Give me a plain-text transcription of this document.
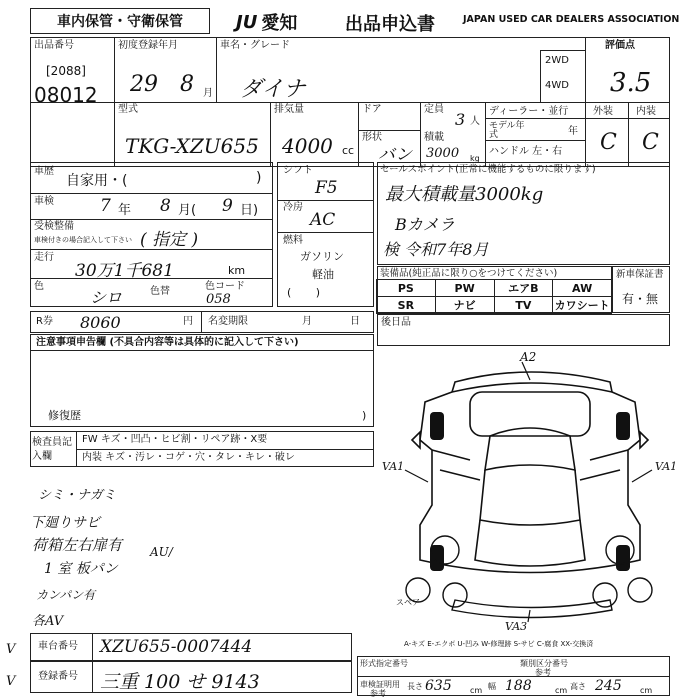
車内保管・守衛保管	JU 愛知	出品申込書	JAPAN USED CAR DEALERS ASSOCIATION
出品番号
[2088]
08012
初度登録年月
29 8 月
車名・グレード
ダイナ
2WD
4WD
評価点
3.5
型式
TKG-XZU655
排気量
4000 cc
ドア
形状
バン
定員
3 人
積載
3000 kg
ディーラー・並行
モデル年式	年
ハンドル 左・右
外装 内装
C C
車歴
自家用・(	)
車検	7 年 8 月( 9 日)
受検整備
車検付きの場合記入して下さい ( 指定 )
走行
30万1千681	km
色
シロ	色替	色コード
058
シフト
F5
冷房
AC
燃料
ガソリン
軽油
(       )
R券 8060	円 名変期限	月	日
注意事項申告欄 (不具合内容等は具体的に記入して下さい)
修復歴	)
セールスポイント(正常に機能するものに限ります)
最大積載量3000kg
Bカメラ
検 令和7年8月
装備品(純正品に限り○をつけてください)
PS	PW	エアB	AW
SR	ナビ	TV	カワシート
新車保証書
有・無
後日品
検査員記入欄
FW キズ・凹凸・ヒビ割・リペア跡・X要
内装 キズ・汚レ・コゲ・穴・タレ・キレ・破レ
シミ・ナガミ
下廻りサビ
荷箱左右扉有
1 室 板パン
カンパン有
各AV
AU/
A2
VA1	VA1
VA3
スペア
A-キズ E-エクボ U-凹み W-修理跡 S-サビ C-腐食 XX-交換済
車台番号 XZU655-0007444
登録番号 三重 100 せ 9143
V
V
形式指定番号	類別区分番号
参考
車検証明用
参考
長さ 635 cm 幅 188	cm 高さ 245 cm
